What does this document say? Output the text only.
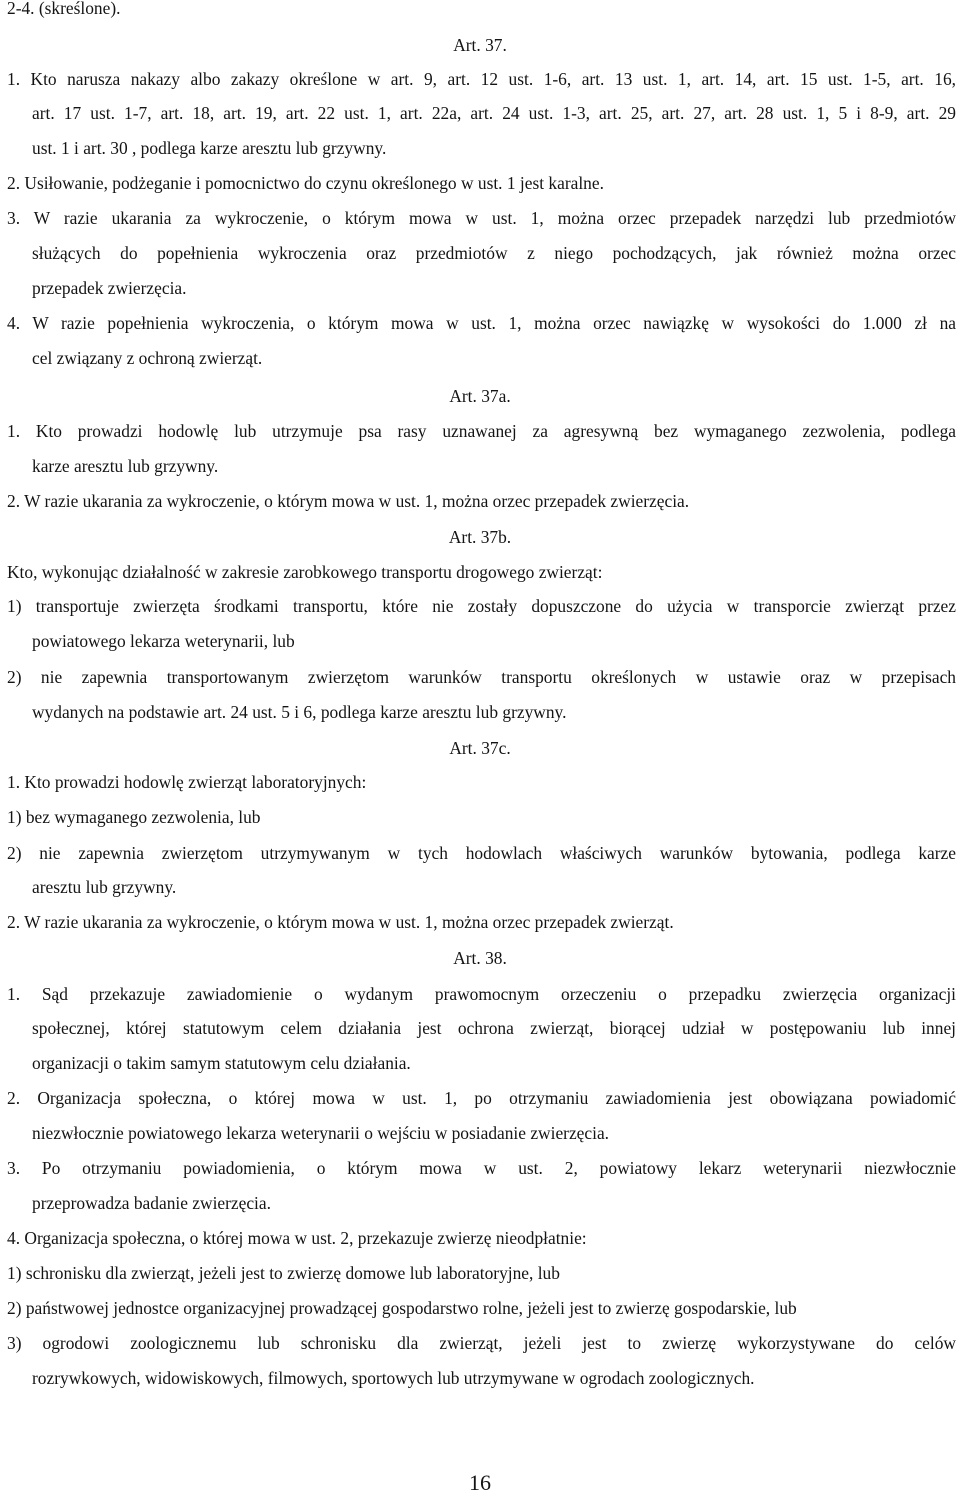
2-4. (skreślone).

Art. 37.

1. Kto narusza nakazy albo zakazy określone w art. 9, art. 12 ust. 1-6, art. 13 ust. 1, art. 14, art. 15 ust. 1-5, art. 16,

art. 17 ust. 1-7, art. 18, art. 19, art. 22 ust. 1, art. 22a, art. 24 ust. 1-3, art. 25, art. 27, art. 28 ust. 1, 5 i 8-9, art. 29

ust. 1 i art. 30 , podlega karze aresztu lub grzywny.

2. Usiłowanie, podżeganie i pomocnictwo do czynu określonego w ust. 1 jest karalne.

3. W razie ukarania za wykroczenie, o którym mowa w ust. 1, można orzec przepadek narzędzi lub przedmiotów

służących do popełnienia wykroczenia oraz przedmiotów z niego pochodzących, jak również można orzec

przepadek zwierzęcia.

4. W razie popełnienia wykroczenia, o którym mowa w ust. 1, można orzec nawiązkę w wysokości do 1.000 zł na

cel związany z ochroną zwierząt.

Art. 37a.

1. Kto prowadzi hodowlę lub utrzymuje psa rasy uznawanej za agresywną bez wymaganego zezwolenia, podlega

karze aresztu lub grzywny.

2. W razie ukarania za wykroczenie, o którym mowa w ust. 1, można orzec przepadek zwierzęcia.

Art. 37b.

Kto, wykonując działalność w zakresie zarobkowego transportu drogowego zwierząt:

1) transportuje zwierzęta środkami transportu, które nie zostały dopuszczone do użycia w transporcie zwierząt przez

powiatowego lekarza weterynarii, lub

2) nie zapewnia transportowanym zwierzętom warunków transportu określonych w ustawie oraz w przepisach

wydanych na podstawie art. 24 ust. 5 i 6, podlega karze aresztu lub grzywny.

Art. 37c.

1. Kto prowadzi hodowlę zwierząt laboratoryjnych:

1) bez wymaganego zezwolenia, lub

2) nie zapewnia zwierzętom utrzymywanym w tych hodowlach właściwych warunków bytowania, podlega karze

aresztu lub grzywny.

2. W razie ukarania za wykroczenie, o którym mowa w ust. 1, można orzec przepadek zwierząt.

Art. 38.

1. Sąd przekazuje zawiadomienie o wydanym prawomocnym orzeczeniu o przepadku zwierzęcia organizacji

społecznej, której statutowym celem działania jest ochrona zwierząt, biorącej udział w postępowaniu lub innej

organizacji o takim samym statutowym celu działania.

2. Organizacja społeczna, o której mowa w ust. 1, po otrzymaniu zawiadomienia jest obowiązana powiadomić

niezwłocznie powiatowego lekarza weterynarii o wejściu w posiadanie zwierzęcia.

3. Po otrzymaniu powiadomienia, o którym mowa w ust. 2, powiatowy lekarz weterynarii niezwłocznie

przeprowadza badanie zwierzęcia.

4. Organizacja społeczna, o której mowa w ust. 2, przekazuje zwierzę nieodpłatnie:

1) schronisku dla zwierząt, jeżeli jest to zwierzę domowe lub laboratoryjne, lub

2) państwowej jednostce organizacyjnej prowadzącej gospodarstwo rolne, jeżeli jest to zwierzę gospodarskie, lub

3) ogrodowi zoologicznemu lub schronisku dla zwierząt, jeżeli jest to zwierzę wykorzystywane do celów

rozrywkowych, widowiskowych, filmowych, sportowych lub utrzymywane w ogrodach zoologicznych.

16
